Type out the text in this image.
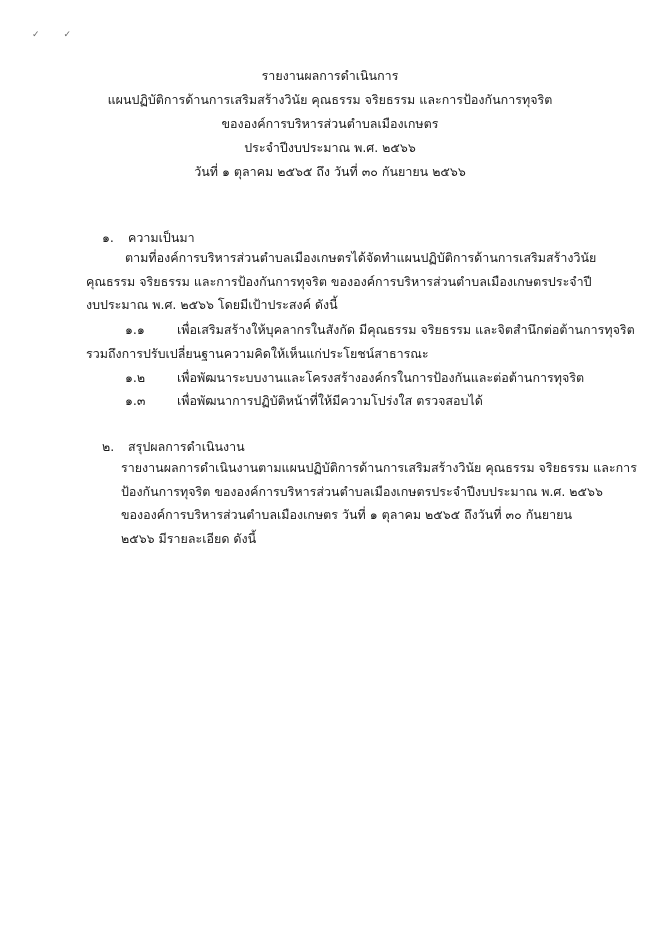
✓✓
รายงานผลการดำเนินการ
แผนปฏิบัติการด้านการเสริมสร้างวินัย คุณธรรม จริยธรรม และการป้องกันการทุจริต
ขององค์การบริหารส่วนตำบลเมืองเกษตร
ประจำปีงบประมาณ พ.ศ. ๒๕๖๖
วันที่ ๑ ตุลาคม ๒๕๖๕ ถึง วันที่ ๓๐ กันยายน ๒๕๖๖
๑. ความเป็นมา
ตามที่องค์การบริหารส่วนตำบลเมืองเกษตรได้จัดทำแผนปฏิบัติการด้านการเสริมสร้างวินัย
คุณธรรม จริยธรรม และการป้องกันการทุจริต ขององค์การบริหารส่วนตำบลเมืองเกษตรประจำปี
งบประมาณ พ.ศ. ๒๕๖๖ โดยมีเป้าประสงค์ ดังนี้
๑.๑	เพื่อเสริมสร้างให้บุคลากรในสังกัด มีคุณธรรม จริยธรรม และจิตสำนึกต่อต้านการทุจริต
รวมถึงการปรับเปลี่ยนฐานความคิดให้เห็นแก่ประโยชน์สาธารณะ
๑.๒	เพื่อพัฒนาระบบงานและโครงสร้างองค์กรในการป้องกันและต่อต้านการทุจริต
๑.๓	เพื่อพัฒนาการปฏิบัติหน้าที่ให้มีความโปร่งใส ตรวจสอบได้
๒. สรุปผลการดำเนินงาน
รายงานผลการดำเนินงานตามแผนปฏิบัติการด้านการเสริมสร้างวินัย คุณธรรม จริยธรรม และการ
ป้องกันการทุจริต ขององค์การบริหารส่วนตำบลเมืองเกษตรประจำปีงบประมาณ พ.ศ. ๒๕๖๖
ขององค์การบริหารส่วนตำบลเมืองเกษตร วันที่ ๑ ตุลาคม ๒๕๖๕ ถึงวันที่ ๓๐ กันยายน
๒๕๖๖ มีรายละเอียด ดังนี้
